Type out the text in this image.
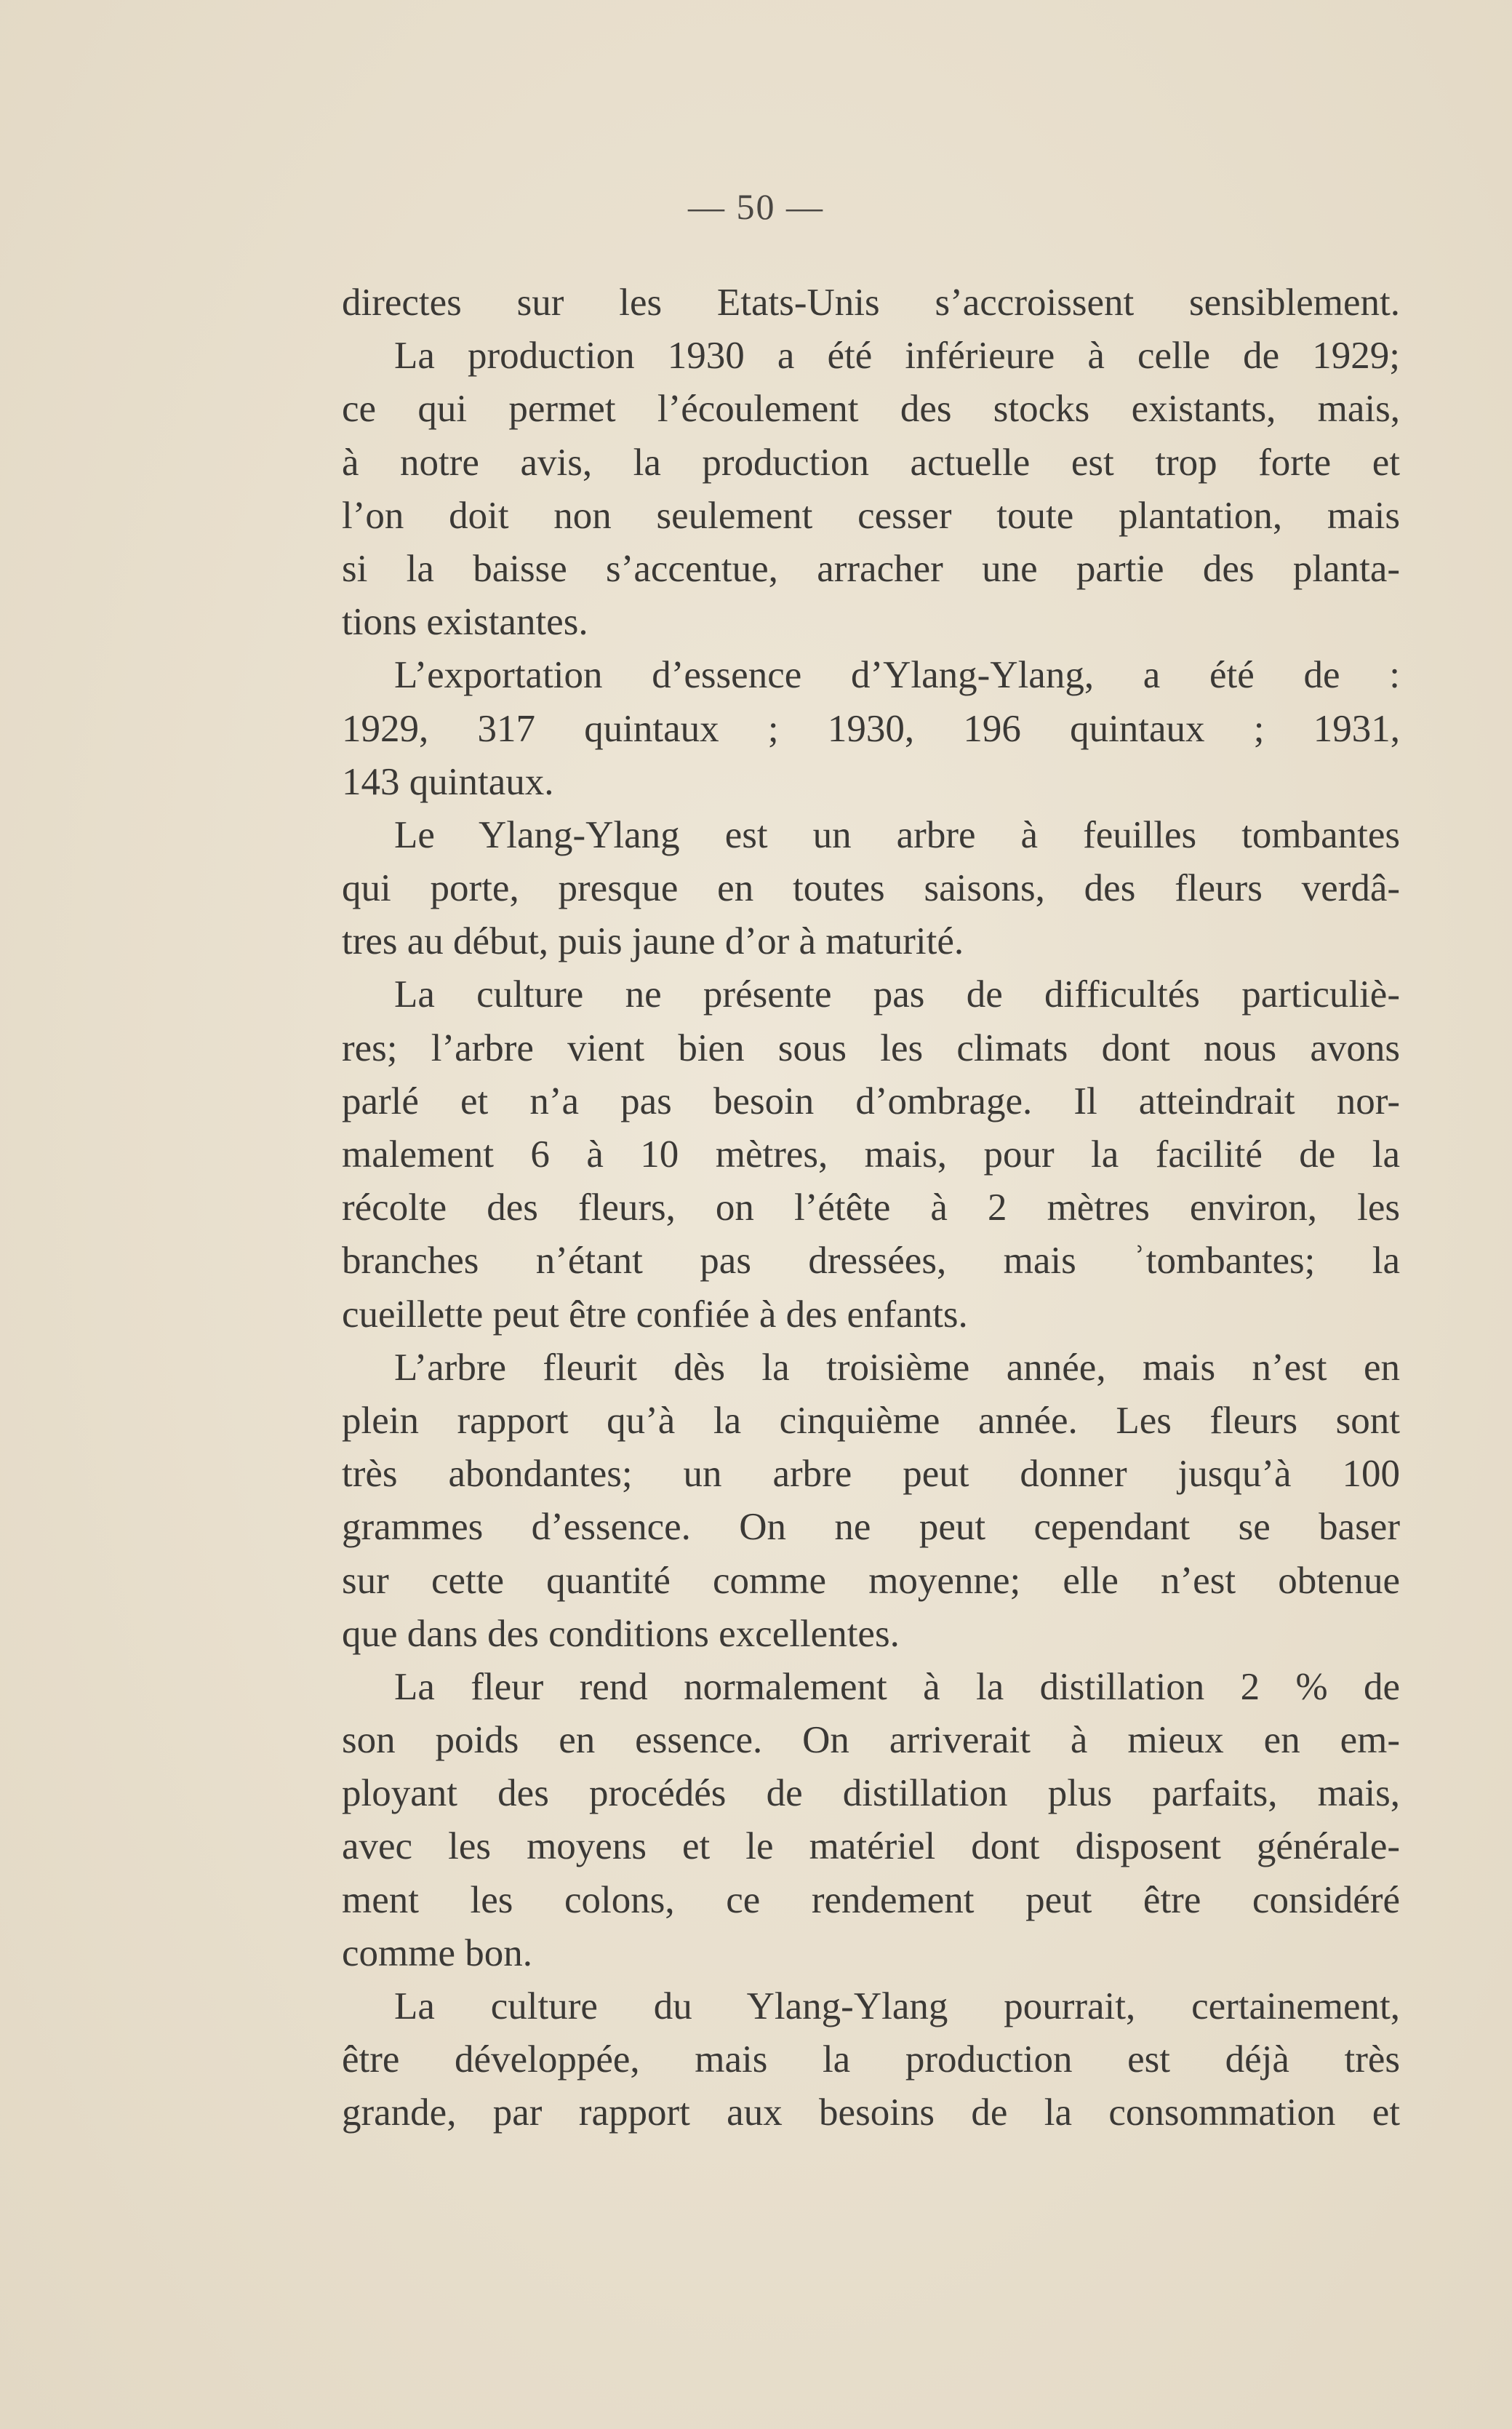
— 50 —
directes sur les Etats-Unis s’accroissent sensiblement.
La production 1930 a été inférieure à celle de 1929;
ce qui permet l’écoulement des stocks existants, mais,
à notre avis, la production actuelle est trop forte et
l’on doit non seulement cesser toute plantation, mais
si la baisse s’accentue, arracher une partie des planta-
tions existantes.
L’exportation d’essence d’Ylang-Ylang, a été de :
1929, 317 quintaux ; 1930, 196 quintaux ; 1931,
143 quintaux.
Le Ylang-Ylang est un arbre à feuilles tombantes
qui porte, presque en toutes saisons, des fleurs verdâ-
tres au début, puis jaune d’or à maturité.
La culture ne présente pas de difficultés particuliè-
res; l’arbre vient bien sous les climats dont nous avons
parlé et n’a pas besoin d’ombrage. Il atteindrait nor-
malement 6 à 10 mètres, mais, pour la facilité de la
récolte des fleurs, on l’étête à 2 mètres environ, les
branches n’étant pas dressées, mais ʾtombantes; la
cueillette peut être confiée à des enfants.
L’arbre fleurit dès la troisième année, mais n’est en
plein rapport qu’à la cinquième année. Les fleurs sont
très abondantes; un arbre peut donner jusqu’à 100
grammes d’essence. On ne peut cependant se baser
sur cette quantité comme moyenne; elle n’est obtenue
que dans des conditions excellentes.
La fleur rend normalement à la distillation 2 % de
son poids en essence. On arriverait à mieux en em-
ployant des procédés de distillation plus parfaits, mais,
avec les moyens et le matériel dont disposent générale-
ment les colons, ce rendement peut être considéré
comme bon.
La culture du Ylang-Ylang pourrait, certainement,
être développée, mais la production est déjà très
grande, par rapport aux besoins de la consommation et
